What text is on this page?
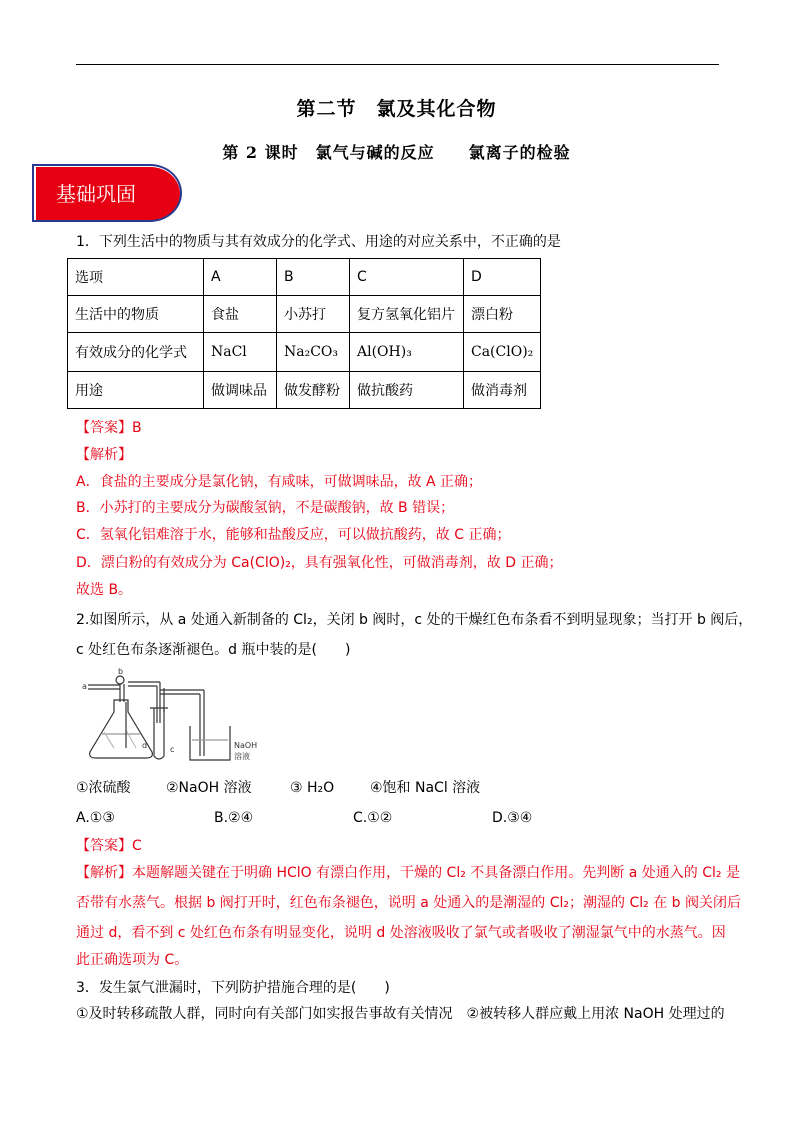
第二节　氯及其化合物
第 2 课时　氯气与碱的反应　　氯离子的检验
基础巩固
1．下列生活中的物质与其有效成分的化学式、用途的对应关系中，不正确的是
选项	A	B	C	D
生活中的物质	食盐	小苏打	复方氢氧化铝片	漂白粉
有效成分的化学式	NaCl	Na₂CO₃	Al(OH)₃	Ca(ClO)₂
用途	做调味品	做发酵粉	做抗酸药	做消毒剂
【答案】B
【解析】
A．食盐的主要成分是氯化钠，有咸味，可做调味品，故 A 正确；
B．小苏打的主要成分为碳酸氢钠，不是碳酸钠，故 B 错误；
C．氢氧化铝难溶于水，能够和盐酸反应，可以做抗酸药，故 C 正确；
D．漂白粉的有效成分为 Ca(ClO)₂，具有强氧化性，可做消毒剂，故 D 正确；
故选 B。
2.如图所示，从 a 处通入新制备的 Cl₂，关闭 b 阀时，c 处的干燥红色布条看不到明显现象；当打开 b 阀后，
c 处红色布条逐渐褪色。d 瓶中装的是(　　)
a
b
d	c	NaOH
溶液
①浓硫酸	②NaOH 溶液	③ H₂O	④饱和 NaCl 溶液
A.①③	B.②④	C.①②	D.③④
【答案】C
【解析】本题解题关键在于明确 HClO 有漂白作用，干燥的 Cl₂ 不具备漂白作用。先判断 a 处通入的 Cl₂ 是
否带有水蒸气。根据 b 阀打开时，红色布条褪色，说明 a 处通入的是潮湿的 Cl₂；潮湿的 Cl₂ 在 b 阀关闭后
通过 d，看不到 c 处红色布条有明显变化，说明 d 处溶液吸收了氯气或者吸收了潮湿氯气中的水蒸气。因
此正确选项为 C。
3．发生氯气泄漏时，下列防护措施合理的是(　　)
①及时转移疏散人群，同时向有关部门如实报告事故有关情况　②被转移人群应戴上用浓 NaOH 处理过的
